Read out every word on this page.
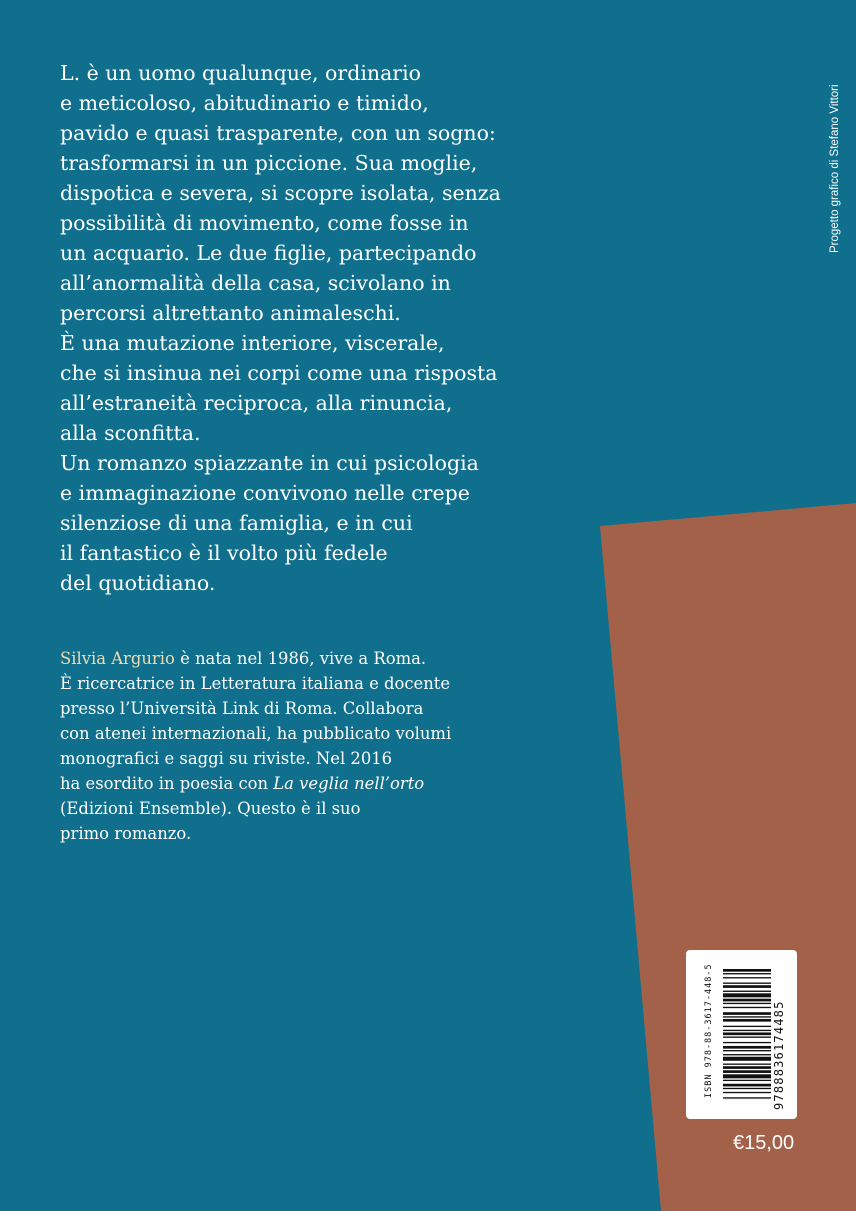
L. è un uomo qualunque, ordinario
e meticoloso, abitudinario e timido,
pavido e quasi trasparente, con un sogno:
trasformarsi in un piccione. Sua moglie,
dispotica e severa, si scopre isolata, senza
possibilità di movimento, come fosse in
un acquario. Le due figlie, partecipando
all’anormalità della casa, scivolano in
percorsi altrettanto animaleschi.
È una mutazione interiore, viscerale,
che si insinua nei corpi come una risposta
all’estraneità reciproca, alla rinuncia,
alla sconfitta.
Un romanzo spiazzante in cui psicologia
e immaginazione convivono nelle crepe
silenziose di una famiglia, e in cui
il fantastico è il volto più fedele
del quotidiano.
Silvia Argurio è nata nel 1986, vive a Roma.
È ricercatrice in Letteratura italiana e docente
presso l’Università Link di Roma. Collabora
con atenei internazionali, ha pubblicato volumi
monografici e saggi su riviste. Nel 2016
ha esordito in poesia con La veglia nell’orto
(Edizioni Ensemble). Questo è il suo
primo romanzo.
Progetto grafico di Stefano Vittori
ISBN 978-88-3617-448-5	9788836174485
€15,00
